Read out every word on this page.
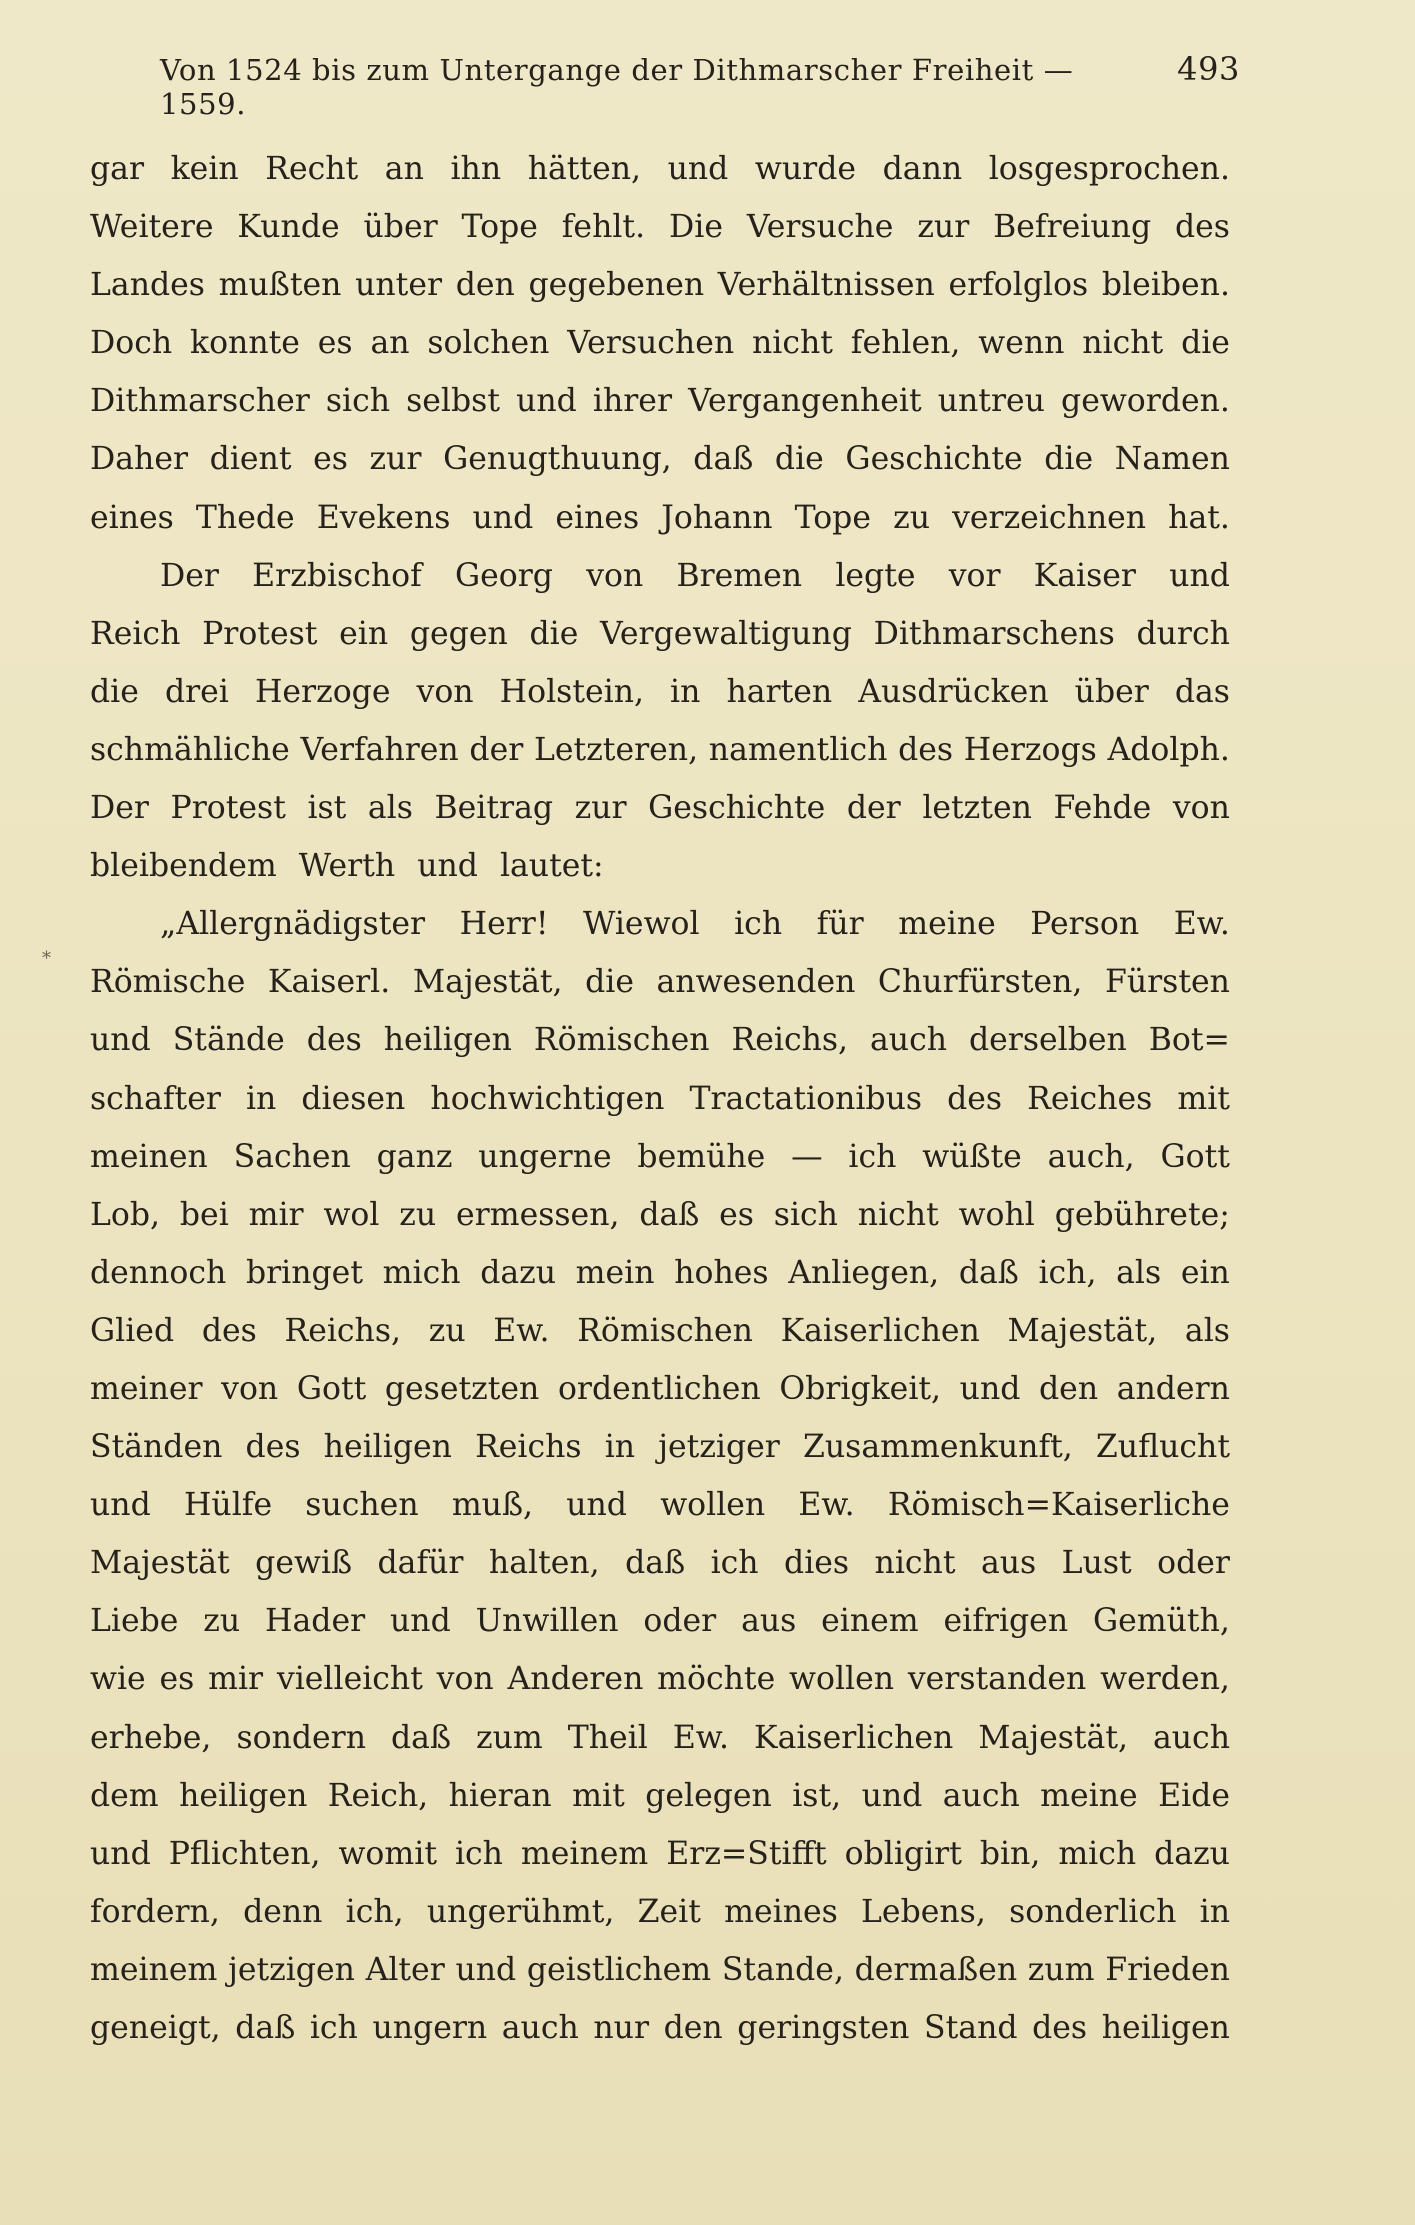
Von 1524 bis zum Untergange der Dithmarscher Freiheit — 1559.
493
*
gar kein Recht an ihn hätten, und wurde dann losgesprochen.
Weitere Kunde über Tope fehlt. Die Versuche zur Befreiung des
Landes mußten unter den gegebenen Verhältnissen erfolglos bleiben.
Doch konnte es an solchen Versuchen nicht fehlen, wenn nicht die
Dithmarscher sich selbst und ihrer Vergangenheit untreu geworden.
Daher dient es zur Genugthuung, daß die Geschichte die Namen
eines Thede Evekens und eines Johann Tope zu verzeichnen hat.
Der Erzbischof Georg von Bremen legte vor Kaiser und
Reich Protest ein gegen die Vergewaltigung Dithmarschens durch
die drei Herzoge von Holstein, in harten Ausdrücken über das
schmähliche Verfahren der Letzteren, namentlich des Herzogs Adolph.
Der Protest ist als Beitrag zur Geschichte der letzten Fehde von
bleibendem Werth und lautet:
„Allergnädigster Herr! Wiewol ich für meine Person Ew.
Römische Kaiserl. Majestät, die anwesenden Churfürsten, Fürsten
und Stände des heiligen Römischen Reichs, auch derselben Bot=
schafter in diesen hochwichtigen Tractationibus des Reiches mit
meinen Sachen ganz ungerne bemühe — ich wüßte auch, Gott
Lob, bei mir wol zu ermessen, daß es sich nicht wohl gebührete;
dennoch bringet mich dazu mein hohes Anliegen, daß ich, als ein
Glied des Reichs, zu Ew. Römischen Kaiserlichen Majestät, als
meiner von Gott gesetzten ordentlichen Obrigkeit, und den andern
Ständen des heiligen Reichs in jetziger Zusammenkunft, Zuflucht
und Hülfe suchen muß, und wollen Ew. Römisch=Kaiserliche
Majestät gewiß dafür halten, daß ich dies nicht aus Lust oder
Liebe zu Hader und Unwillen oder aus einem eifrigen Gemüth,
wie es mir vielleicht von Anderen möchte wollen verstanden werden,
erhebe, sondern daß zum Theil Ew. Kaiserlichen Majestät, auch
dem heiligen Reich, hieran mit gelegen ist, und auch meine Eide
und Pflichten, womit ich meinem Erz=Stifft obligirt bin, mich dazu
fordern, denn ich, ungerühmt, Zeit meines Lebens, sonderlich in
meinem jetzigen Alter und geistlichem Stande, dermaßen zum Frieden
geneigt, daß ich ungern auch nur den geringsten Stand des heiligen
